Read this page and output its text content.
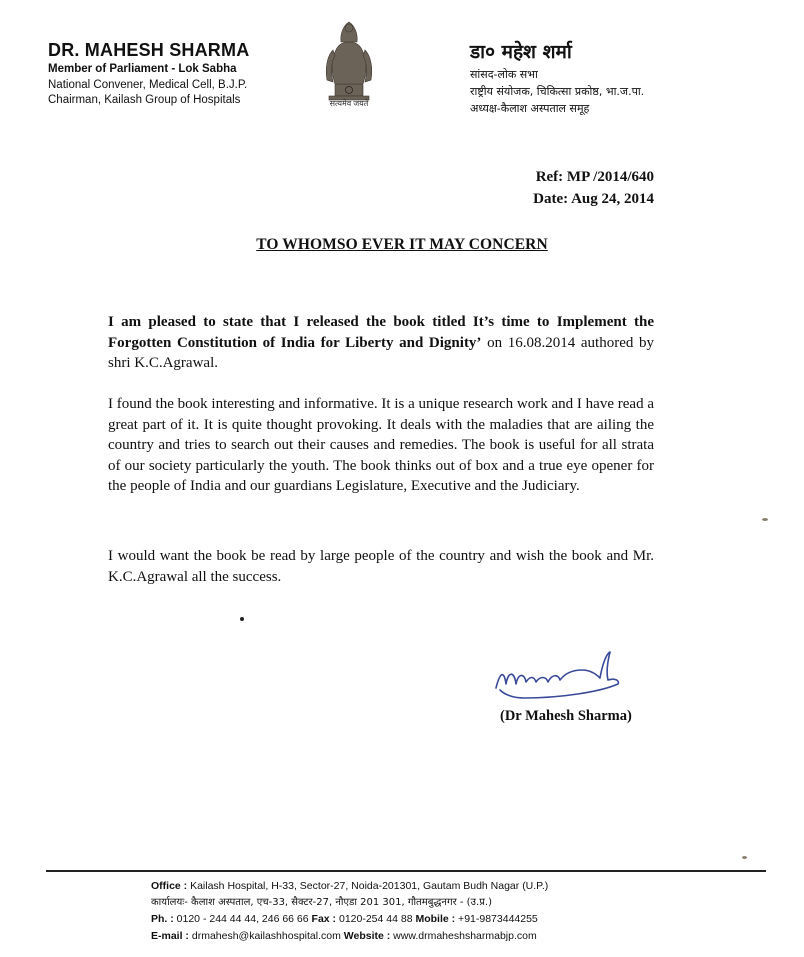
DR. MAHESH SHARMA
Member of Parliament - Lok Sabha
National Convener, Medical Cell, B.J.P.
Chairman, Kailash Group of Hospitals	सत्यमेव जयते
डा० महेश शर्मा
सांसद-लोक सभा
राष्ट्रीय संयोजक, चिकित्सा प्रकोष्ठ, भा.ज.पा.
अध्यक्ष-कैलाश अस्पताल समूह
Ref: MP /2014/640
Date: Aug 24, 2014
TO WHOMSO EVER IT MAY CONCERN
I am pleased to state that I released the book titled It’s time to Implement the Forgotten Constitution of India for Liberty and Dignity’ on 16.08.2014 authored by shri K.C.Agrawal.
I found the book interesting and informative. It is a unique research work and I have read a great part of it. It is quite thought provoking. It deals with the maladies that are ailing the country and tries to search out their causes and remedies. The book is useful for all strata of our society particularly the youth. The book thinks out of box and a true eye opener for the people of India and our guardians Legislature, Executive and the Judiciary.
I would want the book be read by large people of the country and wish the book and Mr. K.C.Agrawal all the success.
(Dr Mahesh Sharma)
Office : Kailash Hospital, H-33, Sector-27, Noida-201301, Gautam Budh Nagar (U.P.)
कार्यालयः- कैलाश अस्पताल, एच-33, सैक्टर-27, नौएडा 201 301, गौतमबुद्धनगर - (उ.प्र.)
Ph. : 0120 - 244 44 44, 246 66 66 Fax : 0120-254 44 88 Mobile : +91-9873444255
E-mail : drmahesh@kailashhospital.com Website : www.drmaheshsharmabjp.com
